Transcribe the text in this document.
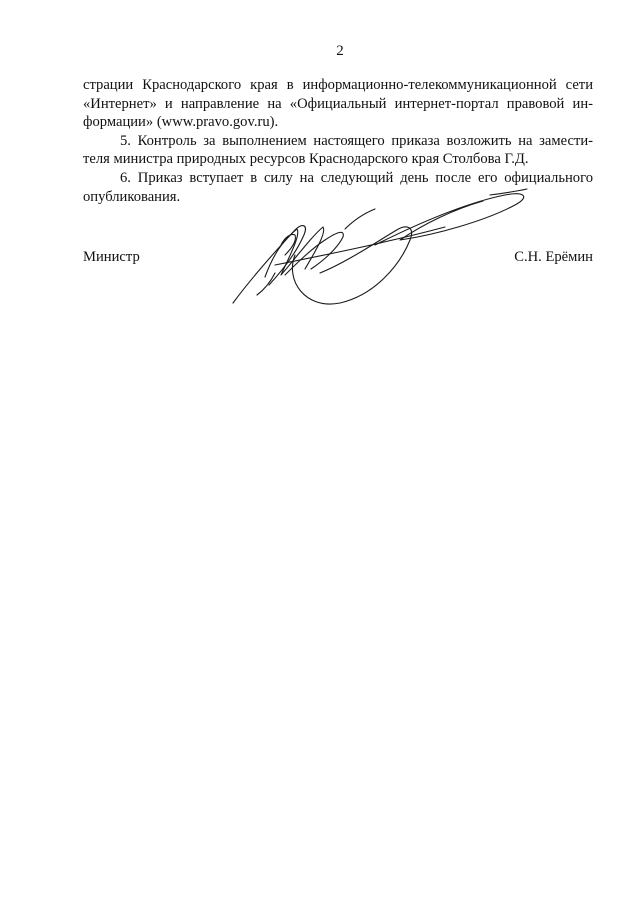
2

страции Краснодарского края в информационно-телекоммуникационной сети
«Интернет» и направление на «Официальный интернет-портал правовой ин-
формации» (www.pravo.gov.ru).

5. Контроль за выполнением настоящего приказа возложить на замести-
теля министра природных ресурсов Краснодарского края Столбова Г.Д.

6. Приказ вступает в силу на следующий день после его официального
опубликования.

Министр	С.Н. Ерёмин
